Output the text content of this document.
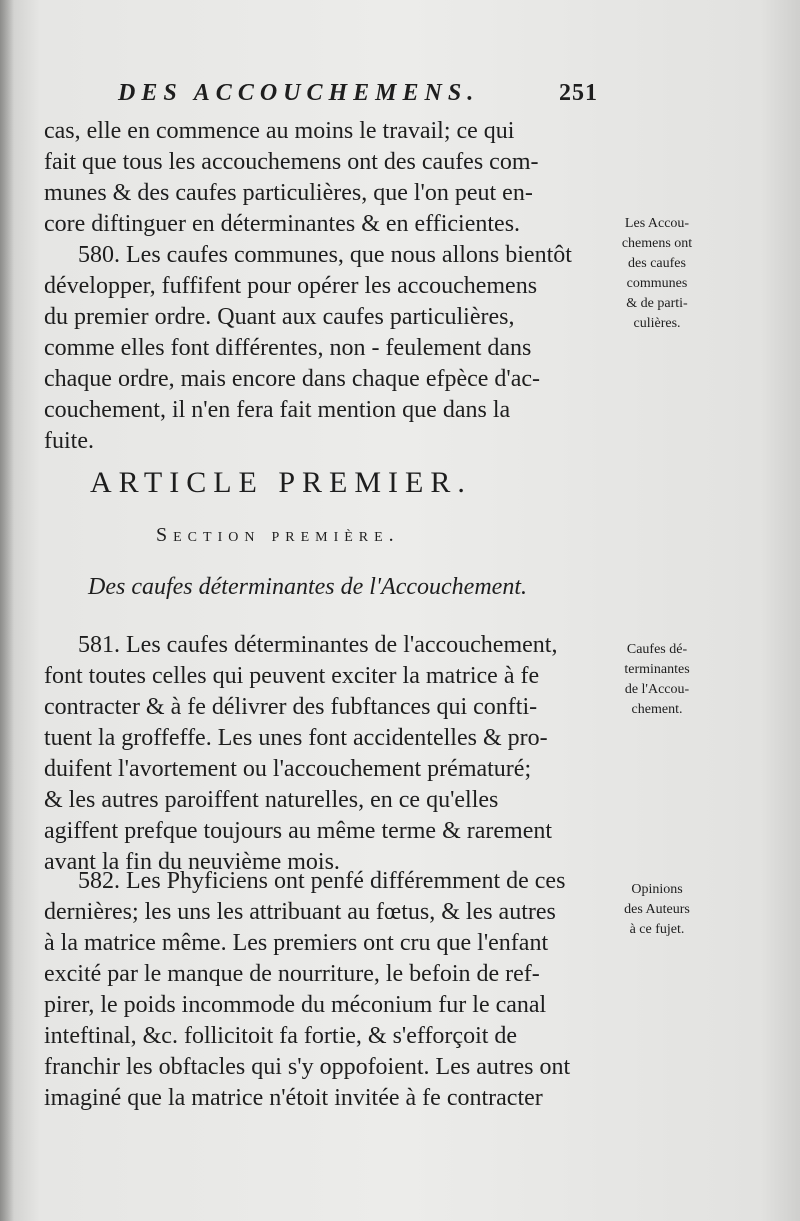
DES ACCOUCHEMENS.	251

cas, elle en commence au moins le travail; ce qui

fait que tous les accouchemens ont des caufes com-

munes & des caufes particulières, que l'on peut en-

core diftinguer en déterminantes & en efficientes.

580. Les caufes communes, que nous allons bientôt

développer, fuffifent pour opérer les accouchemens

du premier ordre. Quant aux caufes particulières,

comme elles font différentes, non - feulement dans

chaque ordre, mais encore dans chaque efpèce d'ac-

couchement, il n'en fera fait mention que dans la

fuite.

ARTICLE PREMIER.
Section première.
Des caufes déterminantes de l'Accouchement.

581. Les caufes déterminantes de l'accouchement,

font toutes celles qui peuvent exciter la matrice à fe

contracter & à fe délivrer des fubftances qui confti-

tuent la groffeffe. Les unes font accidentelles & pro-

duifent l'avortement ou l'accouchement prématuré;

& les autres paroiffent naturelles, en ce qu'elles

agiffent prefque toujours au même terme & rarement

avant la fin du neuvième mois.

582. Les Phyficiens ont penfé différemment de ces

dernières; les uns les attribuant au fœtus, & les autres

à la matrice même. Les premiers ont cru que l'enfant

excité par le manque de nourriture, le befoin de ref-

pirer, le poids incommode du méconium fur le canal

inteftinal, &c. follicitoit fa fortie, & s'efforçoit de

franchir les obftacles qui s'y oppofoient. Les autres ont

imaginé que la matrice n'étoit invitée à fe contracter

Les Accou-
chemens ont
des caufes
communes
& de parti-
culières.
Caufes dé-
terminantes
de l'Accou-
chement.
Opinions
des Auteurs
à ce fujet.
